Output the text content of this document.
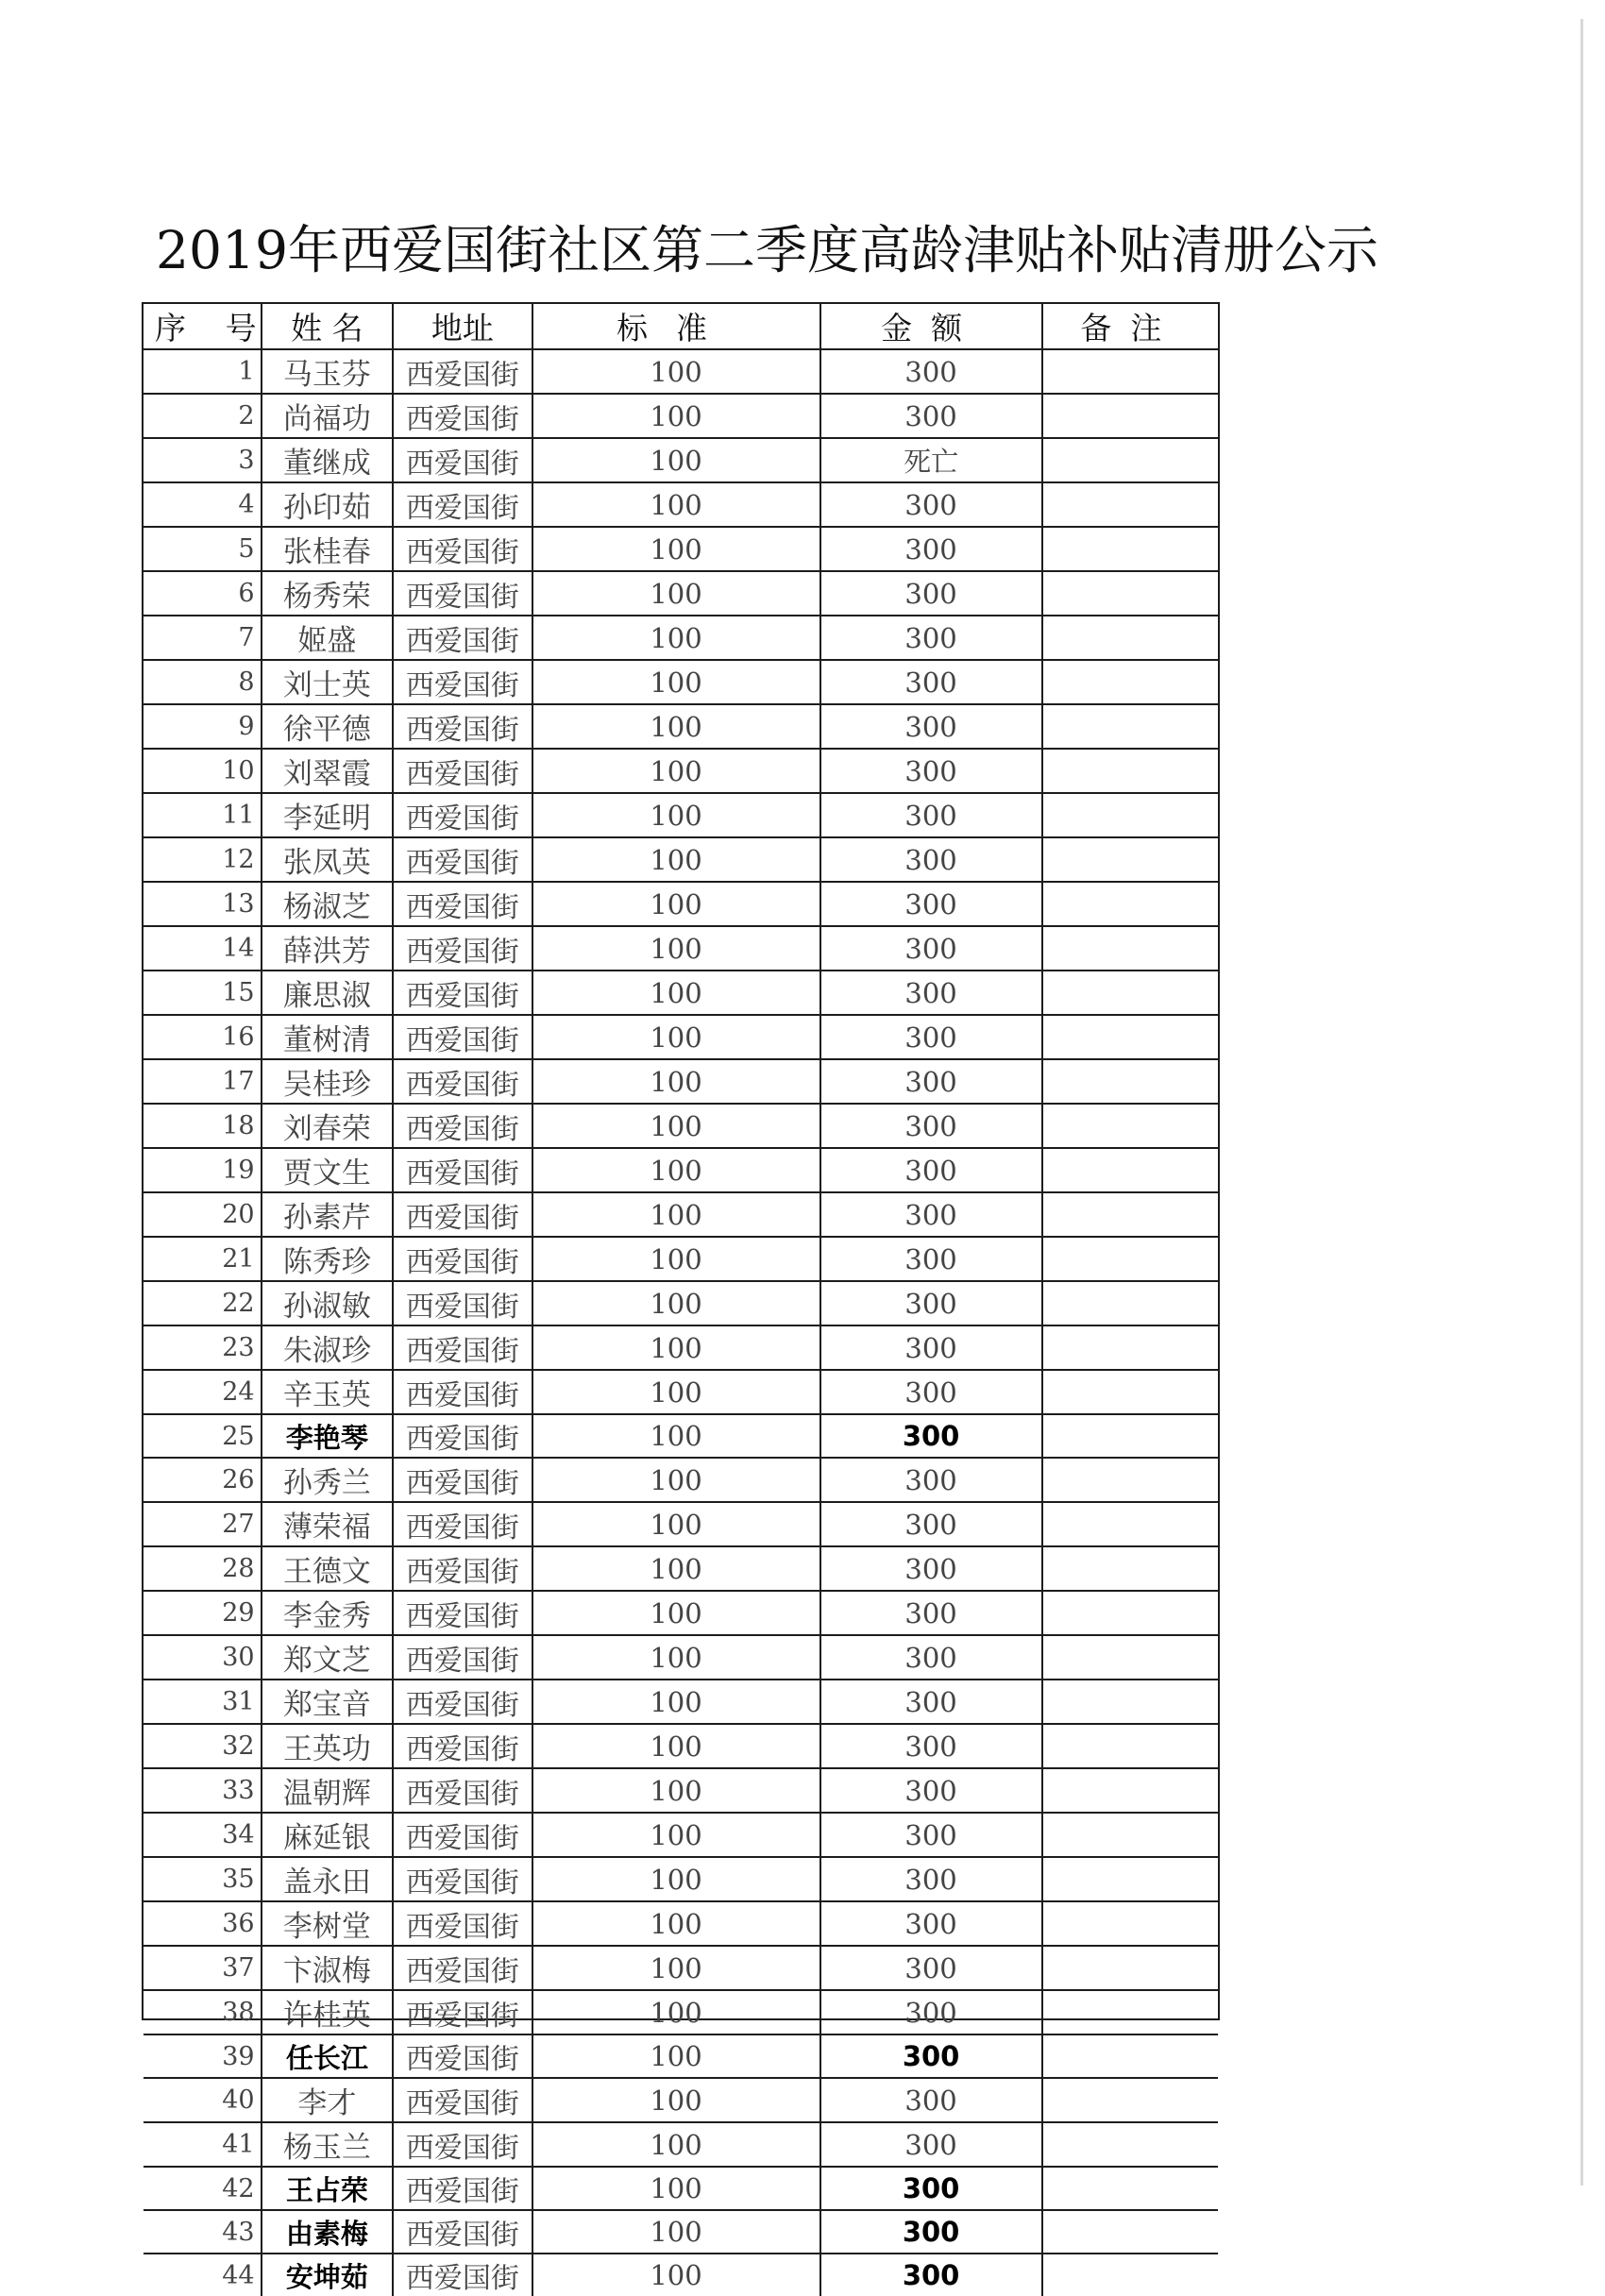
2019年西爱国街社区第二季度高龄津贴补贴清册公示
序 号	姓 名	地址	标准	金额	备注
1 马玉芬	西爱国街	100	300
2 尚福功	西爱国街	100	300
3 董继成	西爱国街	100	死亡
4 孙印茹	西爱国街	100	300
5 张桂春	西爱国街	100	300
6 杨秀荣	西爱国街	100	300
7	姬盛	西爱国街	100	300
8 刘士英	西爱国街	100	300
9 徐平德	西爱国街	100	300
10 刘翠霞	西爱国街	100	300
11 李延明	西爱国街	100	300
12 张凤英	西爱国街	100	300
13 杨淑芝	西爱国街	100	300
14 薛洪芳	西爱国街	100	300
15 廉思淑	西爱国街	100	300
16 董树清	西爱国街	100	300
17 吴桂珍	西爱国街	100	300
18 刘春荣	西爱国街	100	300
19 贾文生	西爱国街	100	300
20 孙素芹	西爱国街	100	300
21 陈秀珍	西爱国街	100	300
22 孙淑敏	西爱国街	100	300
23 朱淑珍	西爱国街	100	300
24 辛玉英	西爱国街	100	300
25	李艳琴	西爱国街	100	300
26 孙秀兰	西爱国街	100	300
27 薄荣福	西爱国街	100	300
28 王德文	西爱国街	100	300
29 李金秀	西爱国街	100	300
30 郑文芝	西爱国街	100	300
31 郑宝音	西爱国街	100	300
32 王英功	西爱国街	100	300
33 温朝辉	西爱国街	100	300
34 麻延银	西爱国街	100	300
35 盖永田	西爱国街	100	300
36 李树堂	西爱国街	100	300
37 卞淑梅	西爱国街	100	300
38 许桂英	西爱国街	100	300
39	任长江	西爱国街	100	300
40	李才	西爱国街	100	300
41 杨玉兰	西爱国街	100	300
42	王占荣	西爱国街	100	300
43	由素梅	西爱国街	100	300
44	安坤茹	西爱国街	100	300
